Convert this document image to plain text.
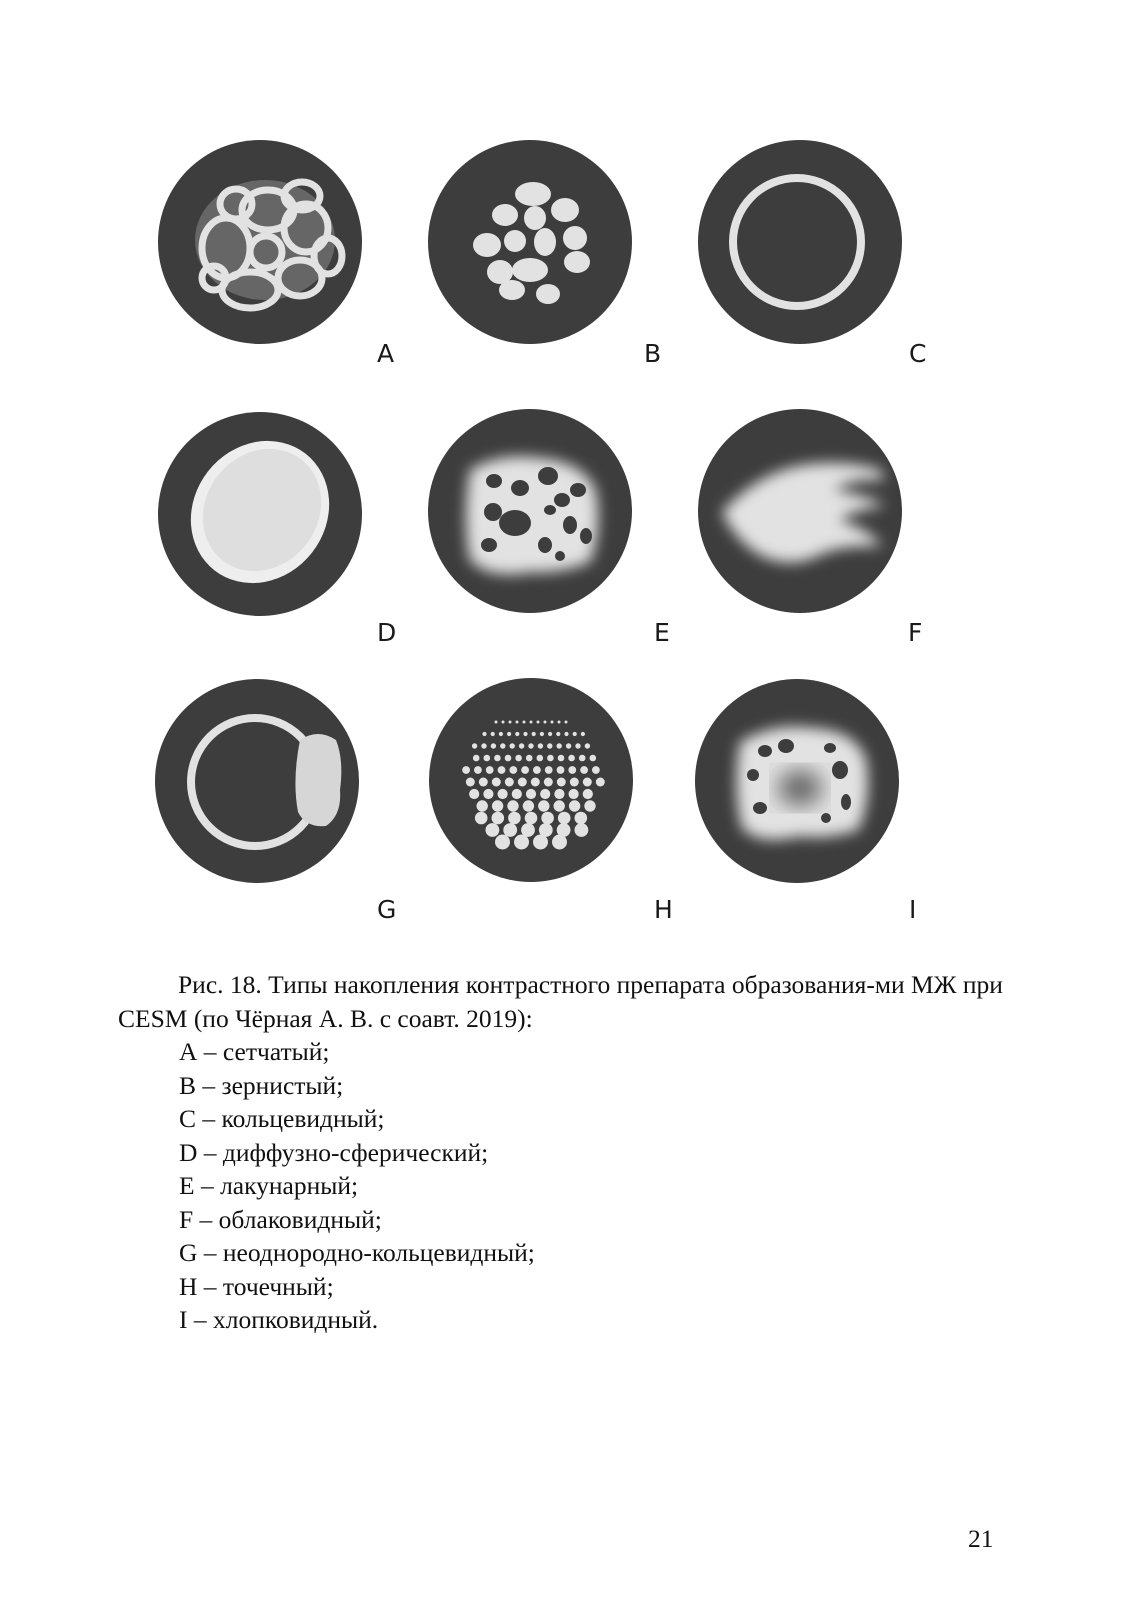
A	B	C
D	E	F
G	H	I

Рис. 18. Типы накопления контрастного препарата образования-ми МЖ при CESM (по Чёрная А. В. с соавт. 2019):

А – сетчатый;
В – зернистый;
С – кольцевидный;
D – диффузно-сферический;
Е – лакунарный;
F – облаковидный;
G – неоднородно-кольцевидный;
Н – точечный;
I – хлопковидный.
21
